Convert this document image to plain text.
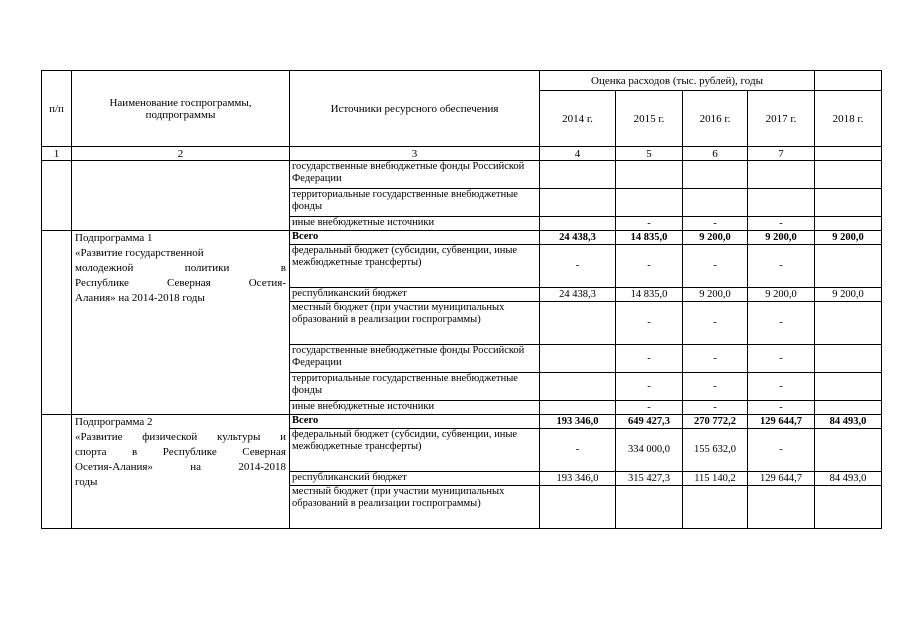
п/п	Наименование госпрограммы, подпрограммы	Источники ресурсного обеспечения	Оценка расходов (тыс. рублей), годы				
			2014 г.	2015 г.	2016 г.	2017 г.	2018 г.
1	2	3	4	5	6	7	
		государственные внебюджетные фонды Российской Федерации					
		территориальные государственные внебюджетные фонды					
		иные внебюджетные источники		-	-	-	

	Подпрограмма 1
«Развитие государственной
молодежной политики в
Республике Северная Осетия-
Алания» на 2014-2018 годы	Всего	24 438,3	14 835,0	9 200,0	9 200,0	9 200,0
		федеральный бюджет (субсидии, субвенции, иные межбюджетные трансферты)	-	-	-	-	
		республиканский бюджет	24 438,3	14 835,0	9 200,0	9 200,0	9 200,0
		местный бюджет (при участии муниципальных образований в реализации госпрограммы)		-	-	-	
		государственные внебюджетные фонды Российской Федерации		-	-	-	
		территориальные государственные внебюджетные фонды		-	-	-	
		иные внебюджетные источники		-	-	-	

	Подпрограмма 2
«Развитие физической культуры и
спорта в Республике Северная
Осетия-Алания» на 2014-2018
годы	Всего	193 346,0	649 427,3	270 772,2	129 644,7	84 493,0
		федеральный бюджет (субсидии, субвенции, иные межбюджетные трансферты)	-	334 000,0	155 632,0	-	
		республиканский бюджет	193 346,0	315 427,3	115 140,2	129 644,7	84 493,0
		местный бюджет (при участии муниципальных образований в реализации госпрограммы)					
